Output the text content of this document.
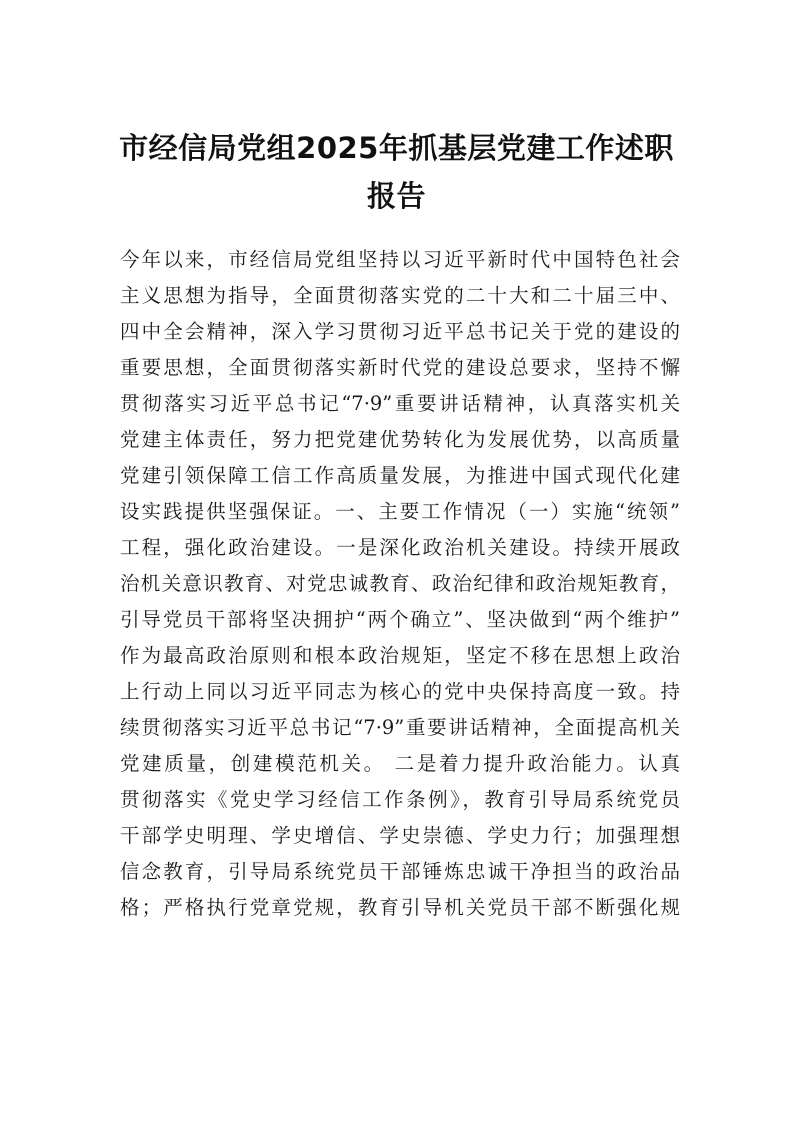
市经信局党组2025年抓基层党建工作述职
报告

今年以来，市经信局党组坚持以习近平新时代中国特色社会

主义思想为指导，全面贯彻落实党的二十大和二十届三中、

四中全会精神，深入学习贯彻习近平总书记关于党的建设的

重要思想，全面贯彻落实新时代党的建设总要求，坚持不懈

贯彻落实习近平总书记“7·9”重要讲话精神，认真落实机关

党建主体责任，努力把党建优势转化为发展优势，以高质量

党建引领保障工信工作高质量发展，为推进中国式现代化建

设实践提供坚强保证。一、主要工作情况（一）实施“统领”

工程，强化政治建设。一是深化政治机关建设。持续开展政

治机关意识教育、对党忠诚教育、政治纪律和政治规矩教育，

引导党员干部将坚决拥护“两个确立”、坚决做到“两个维护”

作为最高政治原则和根本政治规矩，坚定不移在思想上政治

上行动上同以习近平同志为核心的党中央保持高度一致。持

续贯彻落实习近平总书记“7·9”重要讲话精神，全面提高机关

党建质量，创建模范机关。 二是着力提升政治能力。认真

贯彻落实《党史学习经信工作条例》，教育引导局系统党员

干部学史明理、学史增信、学史崇德、学史力行；加强理想

信念教育，引导局系统党员干部锤炼忠诚干净担当的政治品

格；严格执行党章党规，教育引导机关党员干部不断强化规
